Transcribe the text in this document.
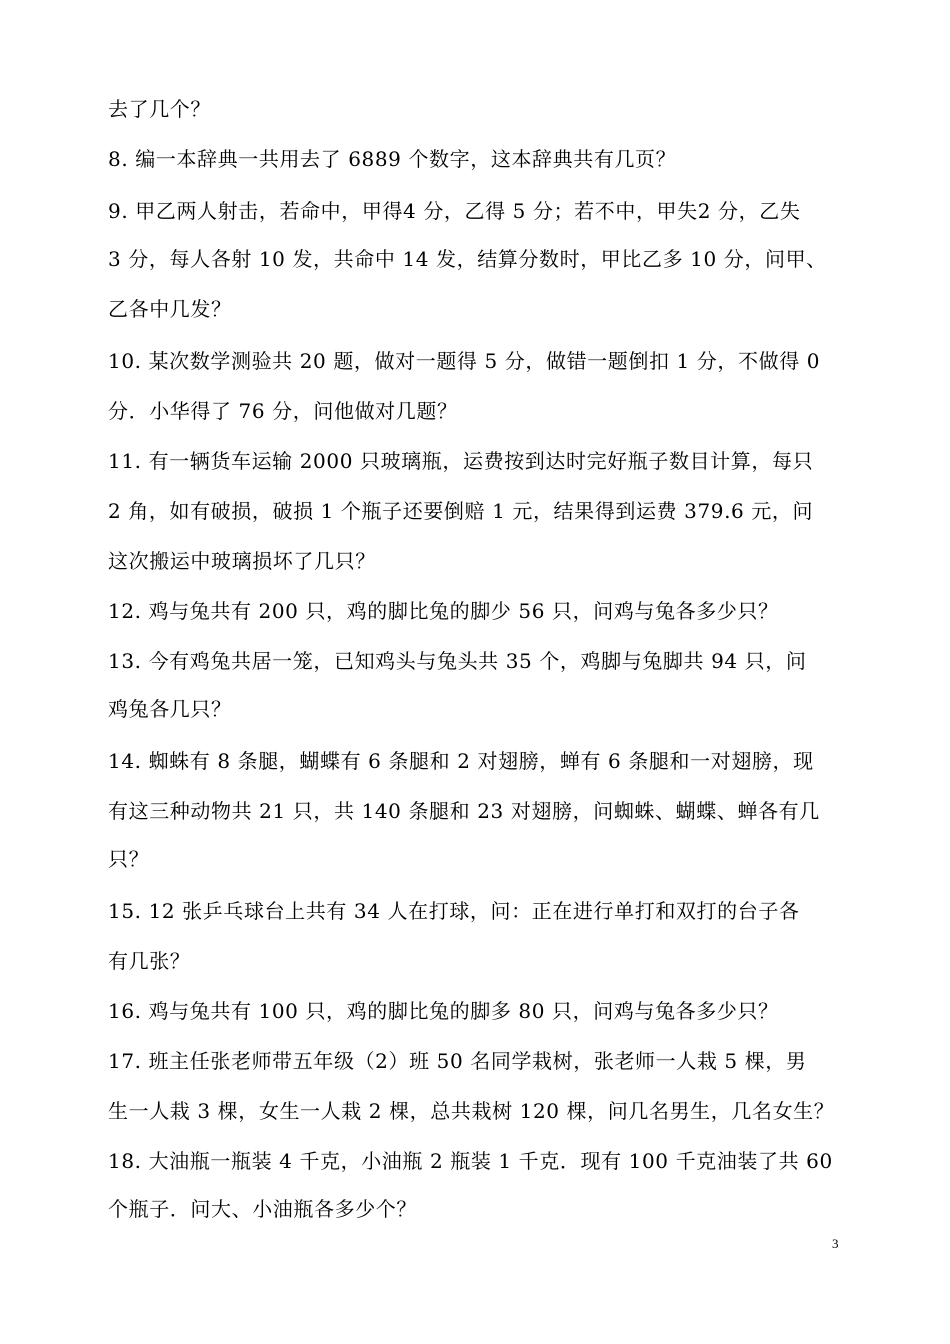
去了几个？
8. 编一本辞典一共用去了 6889 个数字，这本辞典共有几页？
9. 甲乙两人射击，若命中，甲得4 分，乙得 5 分；若不中，甲失2 分，乙失
3 分，每人各射 10 发，共命中 14 发，结算分数时，甲比乙多 10 分，问甲、
乙各中几发？
10. 某次数学测验共 20 题，做对一题得 5 分，做错一题倒扣 1 分，不做得 0
分．小华得了 76 分，问他做对几题？
11. 有一辆货车运输 2000 只玻璃瓶，运费按到达时完好瓶子数目计算，每只
2 角，如有破损，破损 1 个瓶子还要倒赔 1 元，结果得到运费 379.6 元，问
这次搬运中玻璃损坏了几只？
12. 鸡与兔共有 200 只，鸡的脚比兔的脚少 56 只，问鸡与兔各多少只？
13. 今有鸡兔共居一笼，已知鸡头与兔头共 35 个，鸡脚与兔脚共 94 只，问
鸡兔各几只？
14. 蜘蛛有 8 条腿，蝴蝶有 6 条腿和 2 对翅膀，蝉有 6 条腿和一对翅膀，现
有这三种动物共 21 只，共 140 条腿和 23 对翅膀，问蜘蛛、蝴蝶、蝉各有几
只？
15. 12 张乒乓球台上共有 34 人在打球，问：正在进行单打和双打的台子各
有几张？
16. 鸡与兔共有 100 只，鸡的脚比兔的脚多 80 只，问鸡与兔各多少只？
17. 班主任张老师带五年级（2）班 50 名同学栽树，张老师一人栽 5 棵，男
生一人栽 3 棵，女生一人栽 2 棵，总共栽树 120 棵，问几名男生，几名女生？
18. 大油瓶一瓶装 4 千克，小油瓶 2 瓶装 1 千克．现有 100 千克油装了共 60
个瓶子．问大、小油瓶各多少个？
3
